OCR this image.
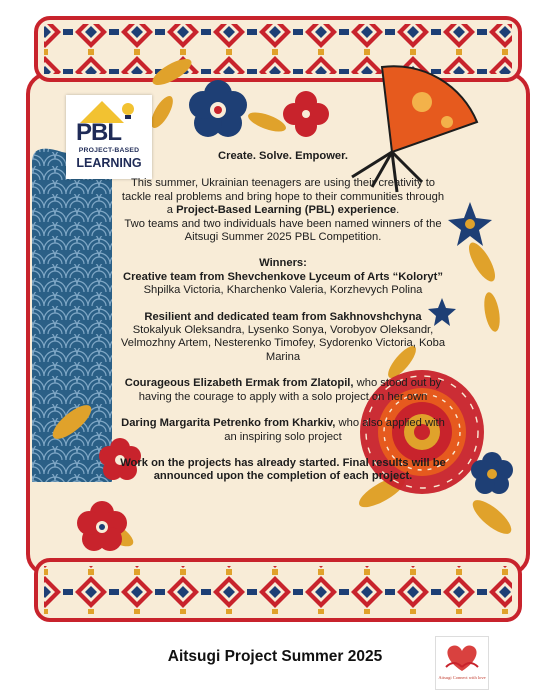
PBL
PROJECT-BASED
LEARNING	Create. Solve. Empower.

This summer, Ukrainian teenagers are using their creativity to tackle real problems and bring hope to their communities through a Project-Based Learning (PBL) experience.

Two teams and two individuals have been named winners of the Aitsugi Summer 2025 PBL Competition.

Winners:

Creative team from Shevchenkove Lyceum of Arts “Koloryt”

Shpilka Victoria, Kharchenko Valeria, Korzhevych Polina

Resilient and dedicated team from Sakhnovshchyna

Stokalyuk Oleksandra, Lysenko Sonya, Vorobyov Oleksandr, Velmozhny Artem, Nesterenko Timofey, Sydorenko Victoria, Koba Marina

Courageous Elizabeth Ermak from Zlatopil, who stood out by having the courage to apply with a solo project on her own

Daring Margarita Petrenko from Kharkiv, who also applied with an inspiring solo project

Work on the projects has already started. Final results will be announced upon the completion of each project.

Aitsugi Project Summer 2025
Aitsugi Connect with love
